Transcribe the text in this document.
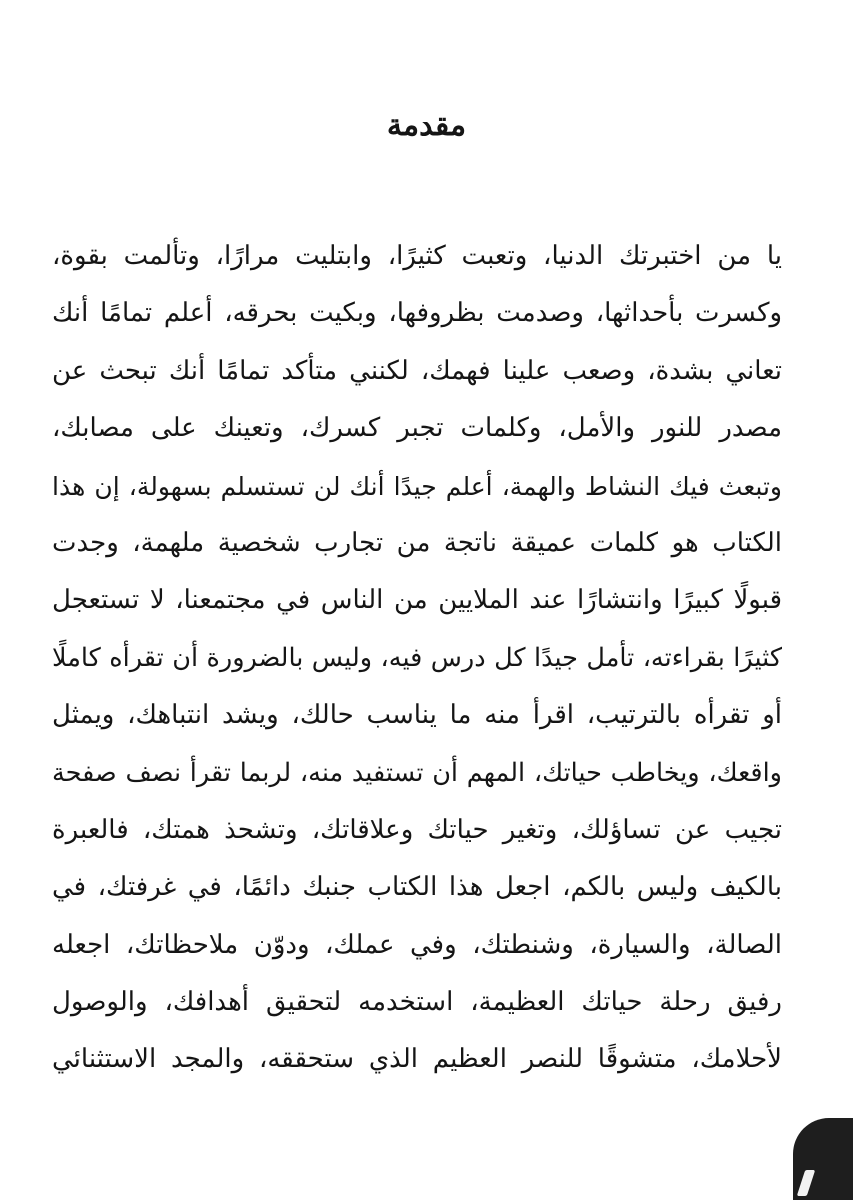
مقدمة
يا من اختبرتك الدنيا، وتعبت كثيرًا، وابتليت مرارًا، وتألمت بقوة،
وكسرت بأحداثها، وصدمت بظروفها، وبكيت بحرقه، أعلم تمامًا أنك
تعاني بشدة، وصعب علينا فهمك، لكنني متأكد تمامًا أنك تبحث عن
مصدر للنور والأمل، وكلمات تجبر كسرك، وتعينك على مصابك،
وتبعث فيك النشاط والهمة، أعلم جيدًا أنك لن تستسلم بسهولة، إن هذا
الكتاب هو كلمات عميقة ناتجة من تجارب شخصية ملهمة، وجدت
قبولًا كبيرًا وانتشارًا عند الملايين من الناس في مجتمعنا، لا تستعجل
كثيرًا بقراءته، تأمل جيدًا كل درس فيه، وليس بالضرورة أن تقرأه كاملًا
أو تقرأه بالترتيب، اقرأ منه ما يناسب حالك، ويشد انتباهك، ويمثل
واقعك، ويخاطب حياتك، المهم أن تستفيد منه، لربما تقرأ نصف صفحة
تجيب عن تساؤلك، وتغير حياتك وعلاقاتك، وتشحذ همتك، فالعبرة
بالكيف وليس بالكم، اجعل هذا الكتاب جنبك دائمًا، في غرفتك، في
الصالة، والسيارة، وشنطتك، وفي عملك، ودوّن ملاحظاتك، اجعله
رفيق رحلة حياتك العظيمة، استخدمه لتحقيق أهدافك، والوصول
لأحلامك، متشوقًا للنصر العظيم الذي ستحققه، والمجد الاستثنائي
